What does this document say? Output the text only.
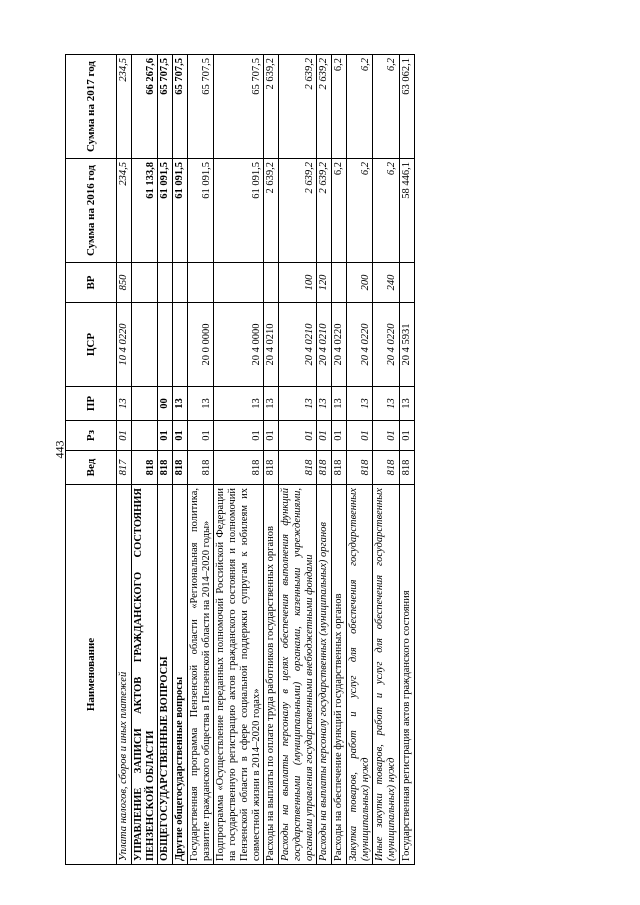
443
Наименование	Вед	Рз	ПР	ЦСР	ВР	Сумма на 2016 год	Сумма на 2017 год
Уплата налогов, сборов и иных платежей	817	01	13	10 4 0220	850	234,5	234,5
УПРАВЛЕНИЕ ЗАПИСИ АКТОВ ГРАЖДАНСКОГО СОСТОЯНИЯ ПЕНЗЕНСКОЙ ОБЛАСТИ	818					61 133,8	66 267,6
ОБЩЕГОСУДАРСТВЕННЫЕ ВОПРОСЫ	818	01	00			61 091,5	65 707,5
Другие общегосударственные вопросы	818	01	13			61 091,5	65 707,5
Государственная программа Пензенской области «Региональная политика, развитие гражданского общества в Пензенской области на 2014–2020 годы»	818	01	13	20 0 0000		61 091,5	65 707,5
Подпрограмма «Осуществление переданных полномочий Российской Федерации на государственную регистрацию актов гражданского состояния и полномочий Пензенской области в сфере социальной поддержки супругам к юбилеям их совместной жизни в 2014–2020 годах»	818	01	13	20 4 0000		61 091,5	65 707,5
Расходы на выплаты по оплате труда работников государственных органов	818	01	13	20 4 0210		2 639,2	2 639,2
Расходы на выплаты персоналу в целях обеспечения выполнения функций государственными (муниципальными) органами, казенными учреждениями, органами управления государственными внебюджетными фондами	818	01	13	20 4 0210	100	2 639,2	2 639,2
Расходы на выплаты персоналу государственных (муниципальных) органов	818	01	13	20 4 0210	120	2 639,2	2 639,2
Расходы на обеспечение функций государственных органов	818	01	13	20 4 0220		6,2	6,2
Закупка товаров, работ и услуг для обеспечения государственных (муниципальных) нужд	818	01	13	20 4 0220	200	6,2	6,2
Иные закупки товаров, работ и услуг для обеспечения государственных (муниципальных) нужд	818	01	13	20 4 0220	240	6,2	6,2
Государственная регистрация актов гражданского состояния	818	01	13	20 4 5931		58 446,1	63 062,1
